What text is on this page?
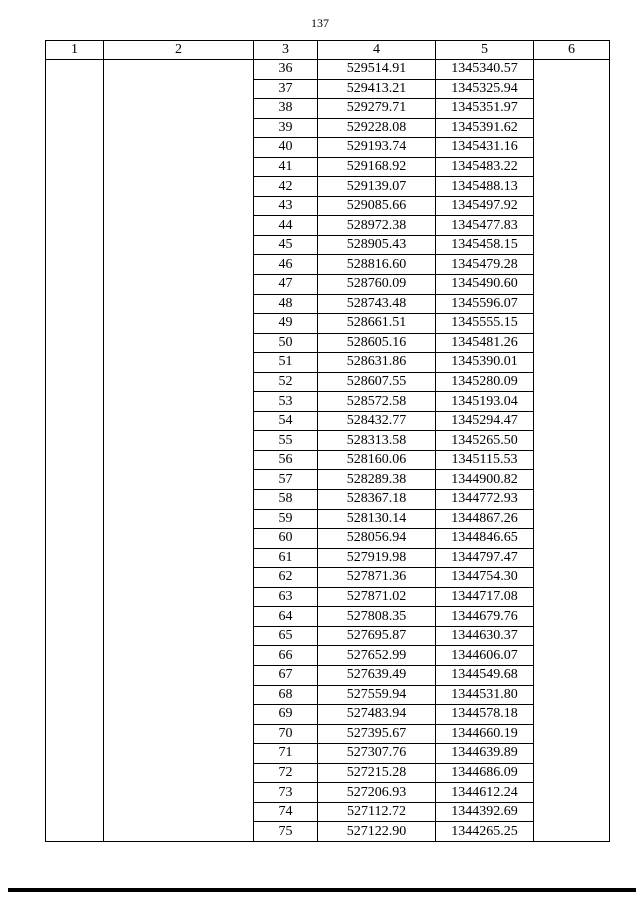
137
1	2	3	4	5	6
		36	529514.91	1345340.57	
		37	529413.21	1345325.94	
		38	529279.71	1345351.97	
		39	529228.08	1345391.62	
		40	529193.74	1345431.16	
		41	529168.92	1345483.22	
		42	529139.07	1345488.13	
		43	529085.66	1345497.92	
		44	528972.38	1345477.83	
		45	528905.43	1345458.15	
		46	528816.60	1345479.28	
		47	528760.09	1345490.60	
		48	528743.48	1345596.07	
		49	528661.51	1345555.15	
		50	528605.16	1345481.26	
		51	528631.86	1345390.01	
		52	528607.55	1345280.09	
		53	528572.58	1345193.04	
		54	528432.77	1345294.47	
		55	528313.58	1345265.50	
		56	528160.06	1345115.53	
		57	528289.38	1344900.82	
		58	528367.18	1344772.93	
		59	528130.14	1344867.26	
		60	528056.94	1344846.65	
		61	527919.98	1344797.47	
		62	527871.36	1344754.30	
		63	527871.02	1344717.08	
		64	527808.35	1344679.76	
		65	527695.87	1344630.37	
		66	527652.99	1344606.07	
		67	527639.49	1344549.68	
		68	527559.94	1344531.80	
		69	527483.94	1344578.18	
		70	527395.67	1344660.19	
		71	527307.76	1344639.89	
		72	527215.28	1344686.09	
		73	527206.93	1344612.24	
		74	527112.72	1344392.69	
		75	527122.90	1344265.25	
